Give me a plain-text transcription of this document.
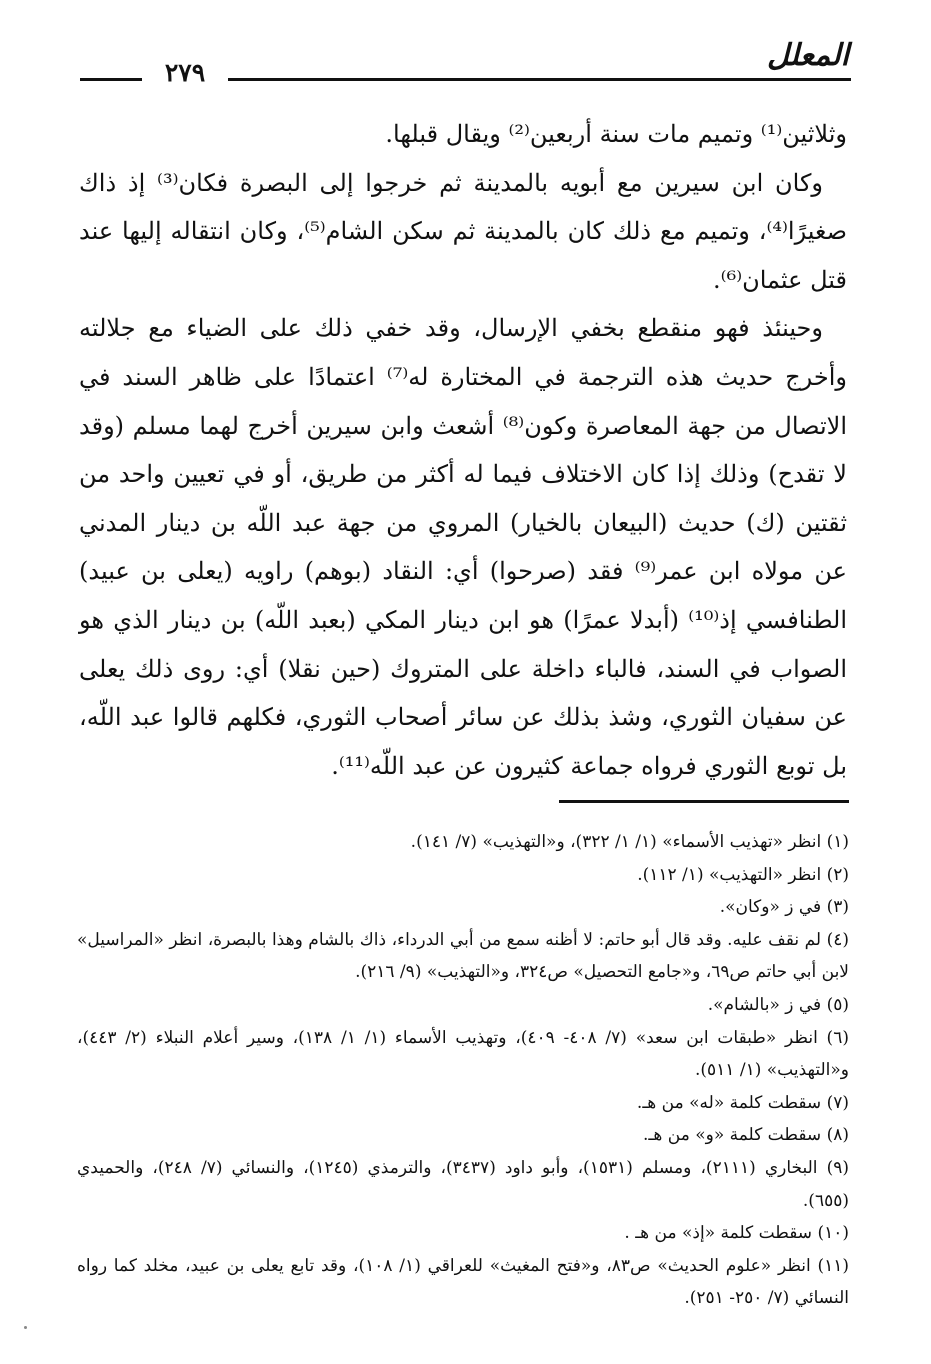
المعلل
٢٧٩

وثلاثين⁽¹⁾ وتميم مات سنة أربعين⁽²⁾ ويقال قبلها.

وكان ابن سيرين مع أبويه بالمدينة ثم خرجوا إلى البصرة فكان⁽³⁾ إذ ذاك صغيرًا⁽⁴⁾، وتميم مع ذلك كان بالمدينة ثم سكن الشام⁽⁵⁾، وكان انتقاله إليها عند قتل عثمان⁽⁶⁾.

وحينئذ فهو منقطع بخفي الإرسال، وقد خفي ذلك على الضياء مع جلالته وأخرج حديث هذه الترجمة في المختارة له⁽⁷⁾ اعتمادًا على ظاهر السند في الاتصال من جهة المعاصرة وكون⁽⁸⁾ أشعث وابن سيرين أخرج لهما مسلم (وقد لا تقدح) وذلك إذا كان الاختلاف فيما له أكثر من طريق، أو في تعيين واحد من ثقتين (ك) حديث (البيعان بالخيار) المروي من جهة عبد اللّه بن دينار المدني عن مولاه ابن عمر⁽⁹⁾ فقد (صرحوا) أي: النقاد (بوهم) راويه (يعلى بن عبيد) الطنافسي إذ⁽¹⁰⁾ (أبدلا عمرًا) هو ابن دينار المكي (بعبد اللّه) بن دينار الذي هو الصواب في السند، فالباء داخلة على المتروك (حين نقلا) أي: روى ذلك يعلى عن سفيان الثوري، وشذ بذلك عن سائر أصحاب الثوري، فكلهم قالوا عبد اللّه، بل توبع الثوري فرواه جماعة كثيرون عن عبد اللّه⁽¹¹⁾.

(١) انظر «تهذيب الأسماء» (١/ ١/ ٣٢٢)، و«التهذيب» (٧/ ١٤١).

(٢) انظر «التهذيب» (١/ ١١٢).

(٣) في ز «وكان».

(٤) لم نقف عليه. وقد قال أبو حاتم: لا أظنه سمع من أبي الدرداء، ذاك بالشام وهذا بالبصرة، انظر «المراسيل» لابن أبي حاتم ص٦٩، و«جامع التحصيل» ص٣٢٤، و«التهذيب» (٩/ ٢١٦).

(٥) في ز «بالشام».

(٦) انظر «طبقات ابن سعد» (٧/ ٤٠٨- ٤٠٩)، وتهذيب الأسماء (١/ ١/ ١٣٨)، وسير أعلام النبلاء (٢/ ٤٤٣)، و«التهذيب» (١/ ٥١١).

(٧) سقطت كلمة «له» من هـ.

(٨) سقطت كلمة «و» من هـ.

(٩) البخاري (٢١١١)، ومسلم (١٥٣١)، وأبو داود (٣٤٣٧)، والترمذي (١٢٤٥)، والنسائي (٧/ ٢٤٨)، والحميدي (٦٥٥).

(١٠) سقطت كلمة «إذ» من هـ .

(١١) انظر «علوم الحديث» ص٨٣، و«فتح المغيث» للعراقي (١/ ١٠٨)، وقد تابع يعلى بن عبيد، مخلد كما رواه النسائي (٧/ ٢٥٠- ٢٥١).
